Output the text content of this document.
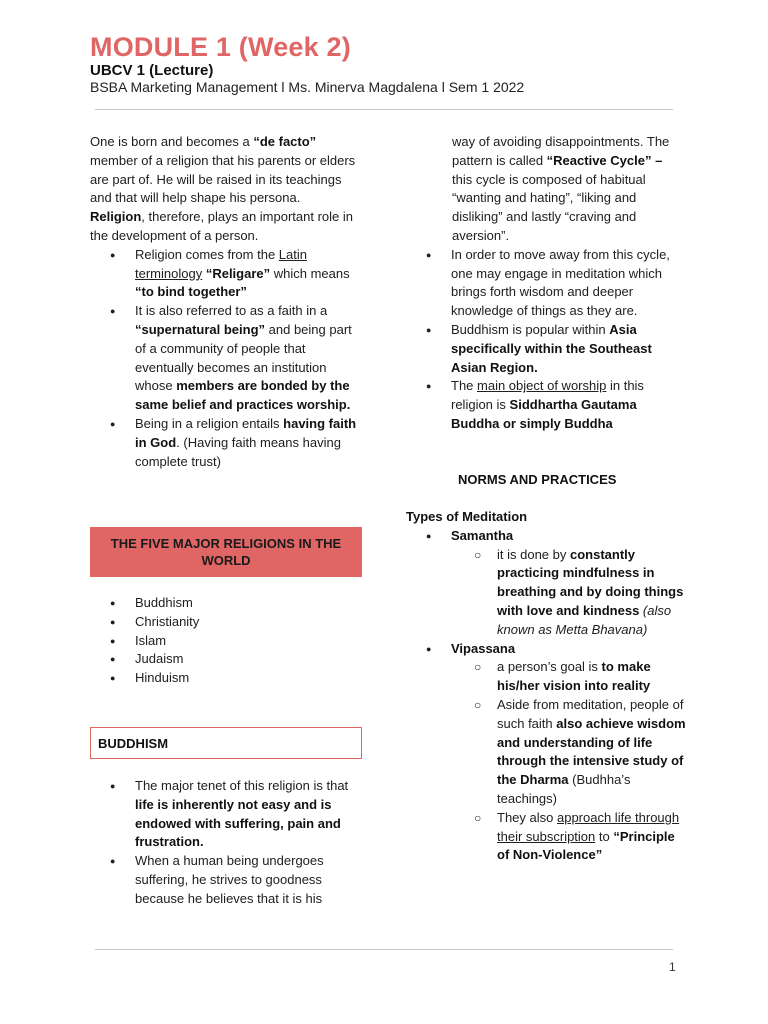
MODULE 1 (Week 2)
UBCV 1 (Lecture)
BSBA Marketing Management l Ms. Minerva Magdalena l Sem 1 2022

One is born and becomes a “de facto” member of a religion that his parents or elders are part of. He will be raised in its teachings and that will help shape his persona.

Religion, therefore, plays an important role in the development of a person.

● Religion comes from the Latin terminology “Religare” which means “to bind together”

● It is also referred to as a faith in a “supernatural being” and being part of a community of people that eventually becomes an institution whose members are bonded by the same belief and practices worship.

● Being in a religion entails having faith in God. (Having faith means having complete trust)

THE FIVE MAJOR RELIGIONS IN THE WORLD

● Buddhism

● Christianity

● Islam

● Judaism

● Hinduism

BUDDHISM

● The major tenet of this religion is that life is inherently not easy and is endowed with suffering, pain and frustration.

● When a human being undergoes suffering, he strives to goodness because he believes that it is his

way of avoiding disappointments. The pattern is called “Reactive Cycle” – this cycle is composed of habitual “wanting and hating”, “liking and disliking” and lastly “craving and aversion”.

● In order to move away from this cycle, one may engage in meditation which brings forth wisdom and deeper knowledge of things as they are.

● Buddhism is popular within Asia specifically within the Southeast Asian Region.

● The main object of worship in this religion is Siddhartha Gautama Buddha or simply Buddha

NORMS AND PRACTICES

Types of Meditation

● Samantha

○ it is done by constantly practicing mindfulness in breathing and by doing things with love and kindness (also known as Metta Bhavana)

● Vipassana

○ a person’s goal is to make his/her vision into reality

○ Aside from meditation, people of such faith also achieve wisdom and understanding of life through the intensive study of the Dharma (Budhha’s teachings)

○ They also approach life through their subscription to “Principle of Non-Violence”

1
